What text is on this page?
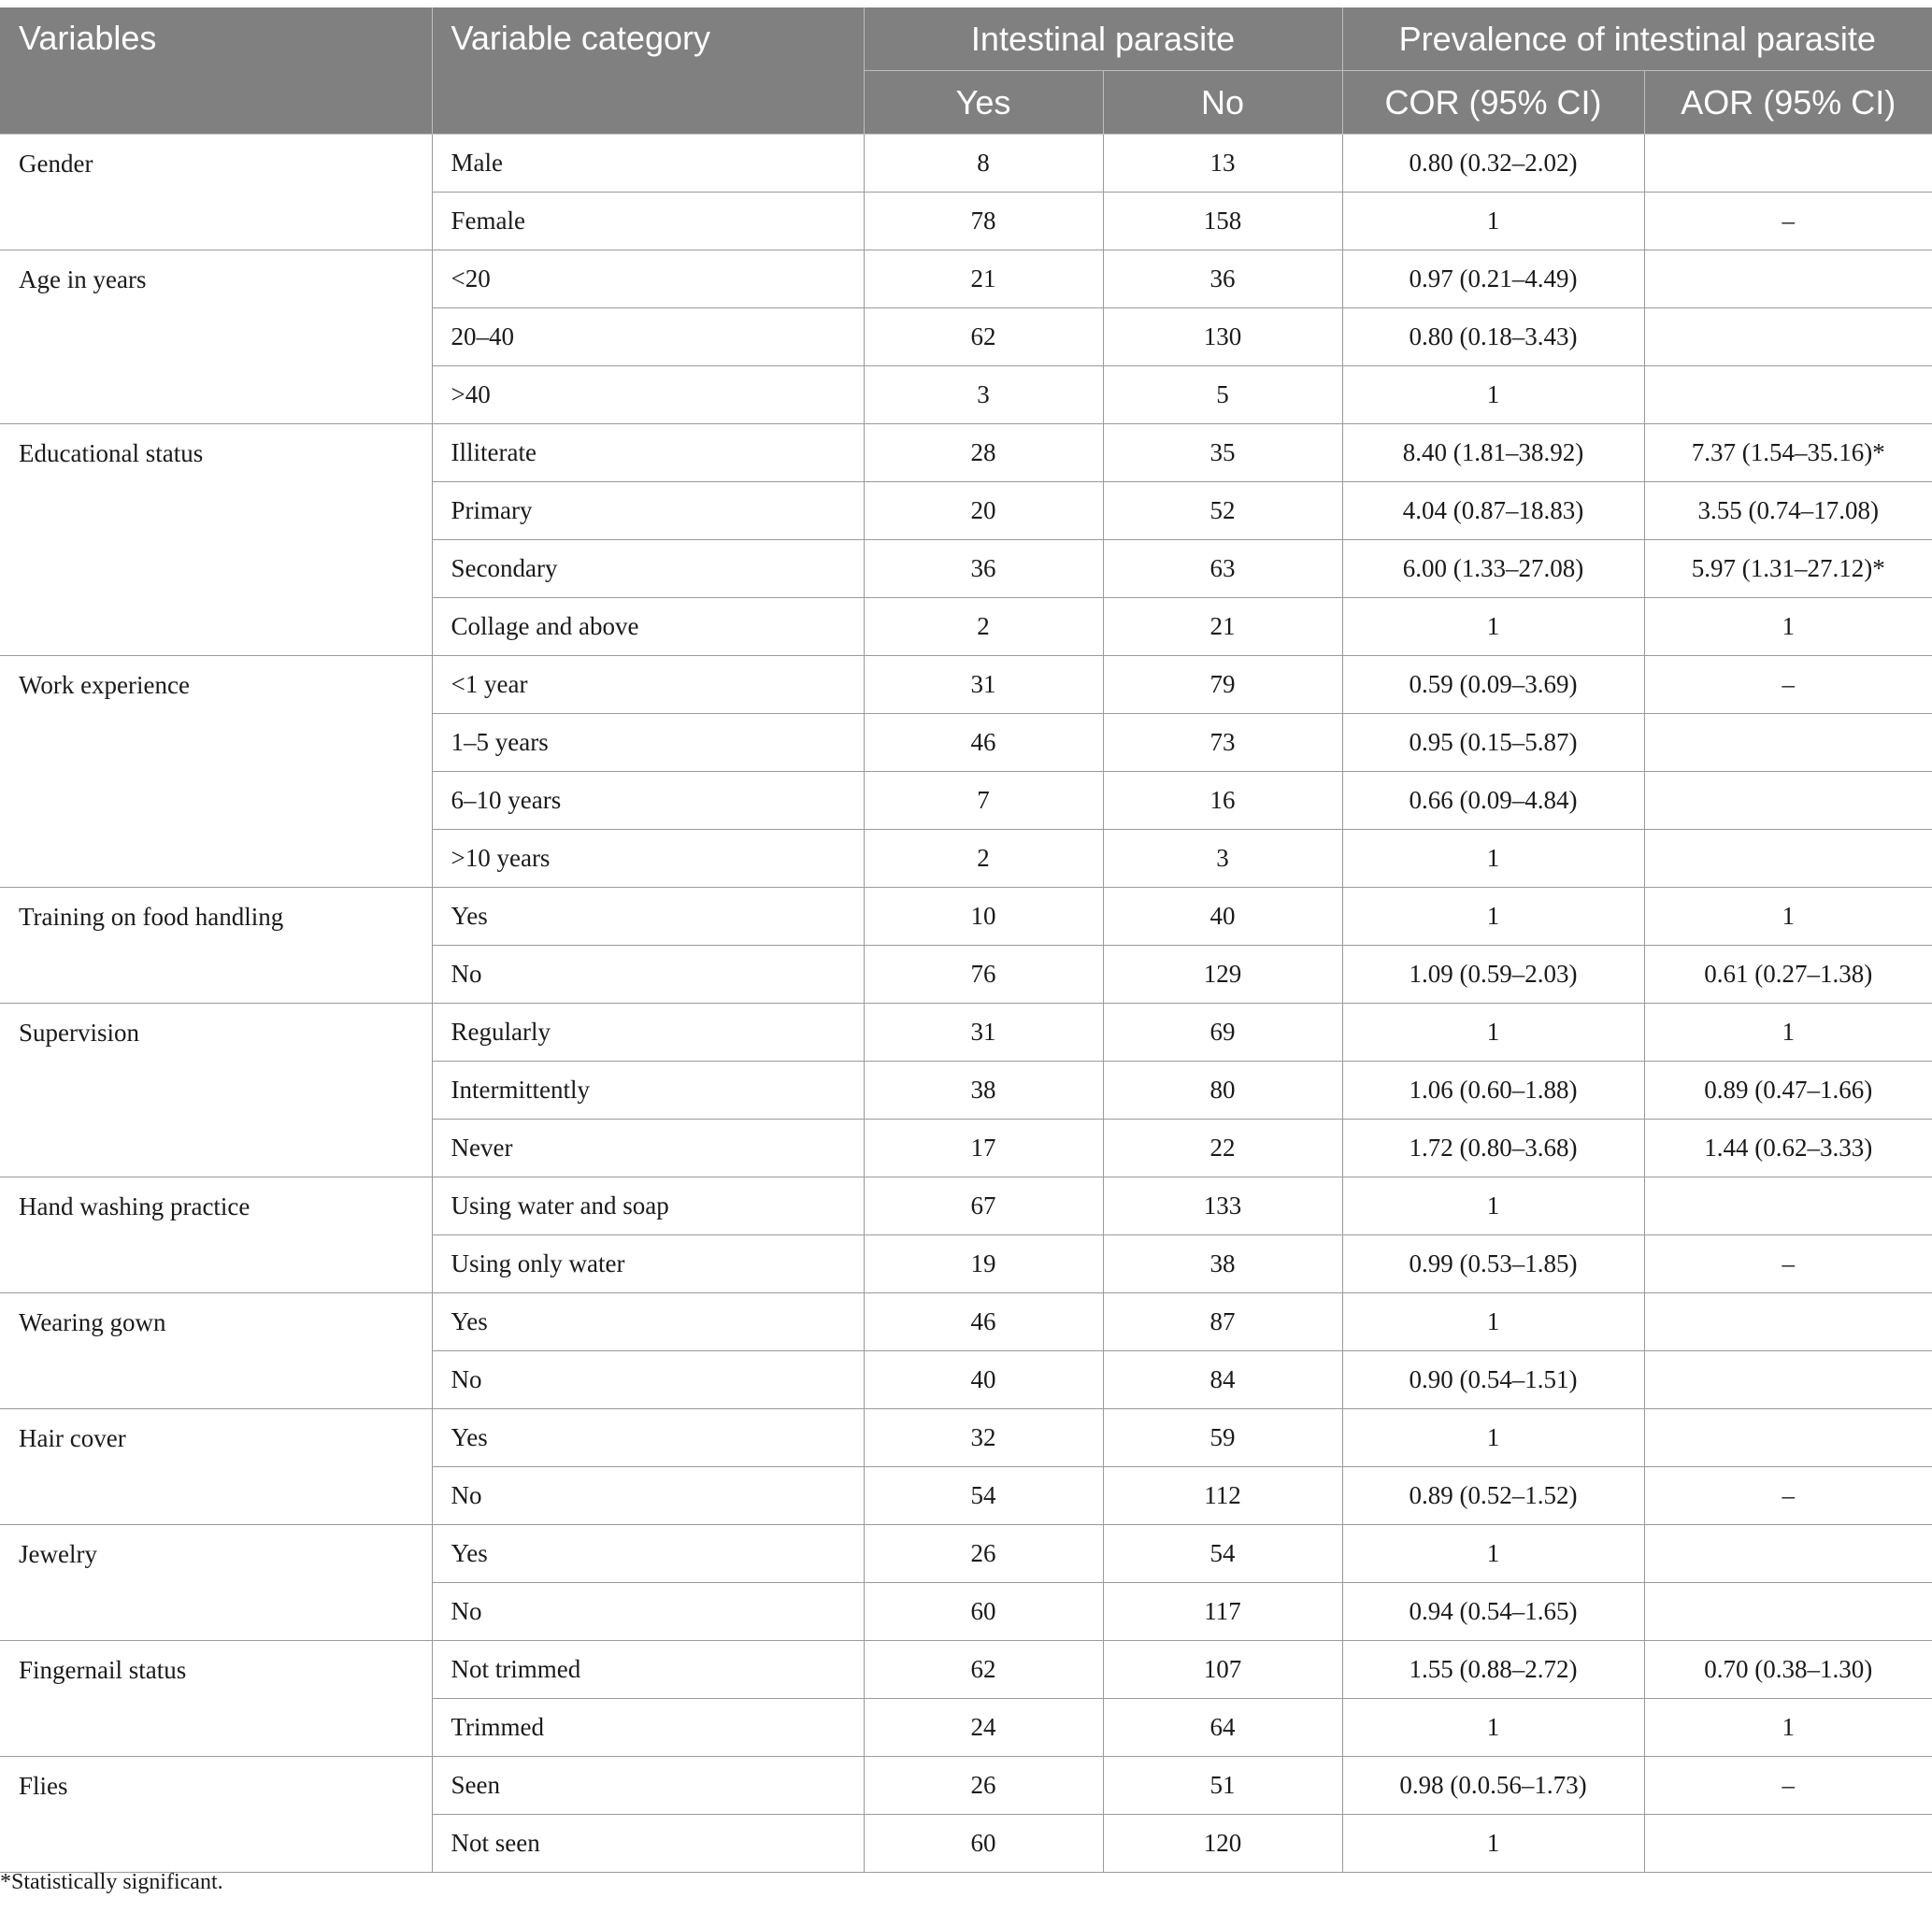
Variables	Variable category	Intestinal parasite		Prevalence of intestinal parasite	
		Yes	No	COR (95% CI)	AOR (95% CI)
Gender	Male	8	13	0.80 (0.32–2.02)	
	Female	78	158	1	–
Age in years	<20	21	36	0.97 (0.21–4.49)	
	20–40	62	130	0.80 (0.18–3.43)	
	>40	3	5	1	
Educational status	Illiterate	28	35	8.40 (1.81–38.92)	7.37 (1.54–35.16)*
	Primary	20	52	4.04 (0.87–18.83)	3.55 (0.74–17.08)
	Secondary	36	63	6.00 (1.33–27.08)	5.97 (1.31–27.12)*
	Collage and above	2	21	1	1
Work experience	<1 year	31	79	0.59 (0.09–3.69)	–
	1–5 years	46	73	0.95 (0.15–5.87)	
	6–10 years	7	16	0.66 (0.09–4.84)	
	>10 years	2	3	1	
Training on food handling	Yes	10	40	1	1
	No	76	129	1.09 (0.59–2.03)	0.61 (0.27–1.38)
Supervision	Regularly	31	69	1	1
	Intermittently	38	80	1.06 (0.60–1.88)	0.89 (0.47–1.66)
	Never	17	22	1.72 (0.80–3.68)	1.44 (0.62–3.33)
Hand washing practice	Using water and soap	67	133	1	
	Using only water	19	38	0.99 (0.53–1.85)	–
Wearing gown	Yes	46	87	1	
	No	40	84	0.90 (0.54–1.51)	
Hair cover	Yes	32	59	1	
	No	54	112	0.89 (0.52–1.52)	–
Jewelry	Yes	26	54	1	
	No	60	117	0.94 (0.54–1.65)	
Fingernail status	Not trimmed	62	107	1.55 (0.88–2.72)	0.70 (0.38–1.30)
	Trimmed	24	64	1	1
Flies	Seen	26	51	0.98 (0.0.56–1.73)	–
	Not seen	60	120	1	
*Statistically significant.
